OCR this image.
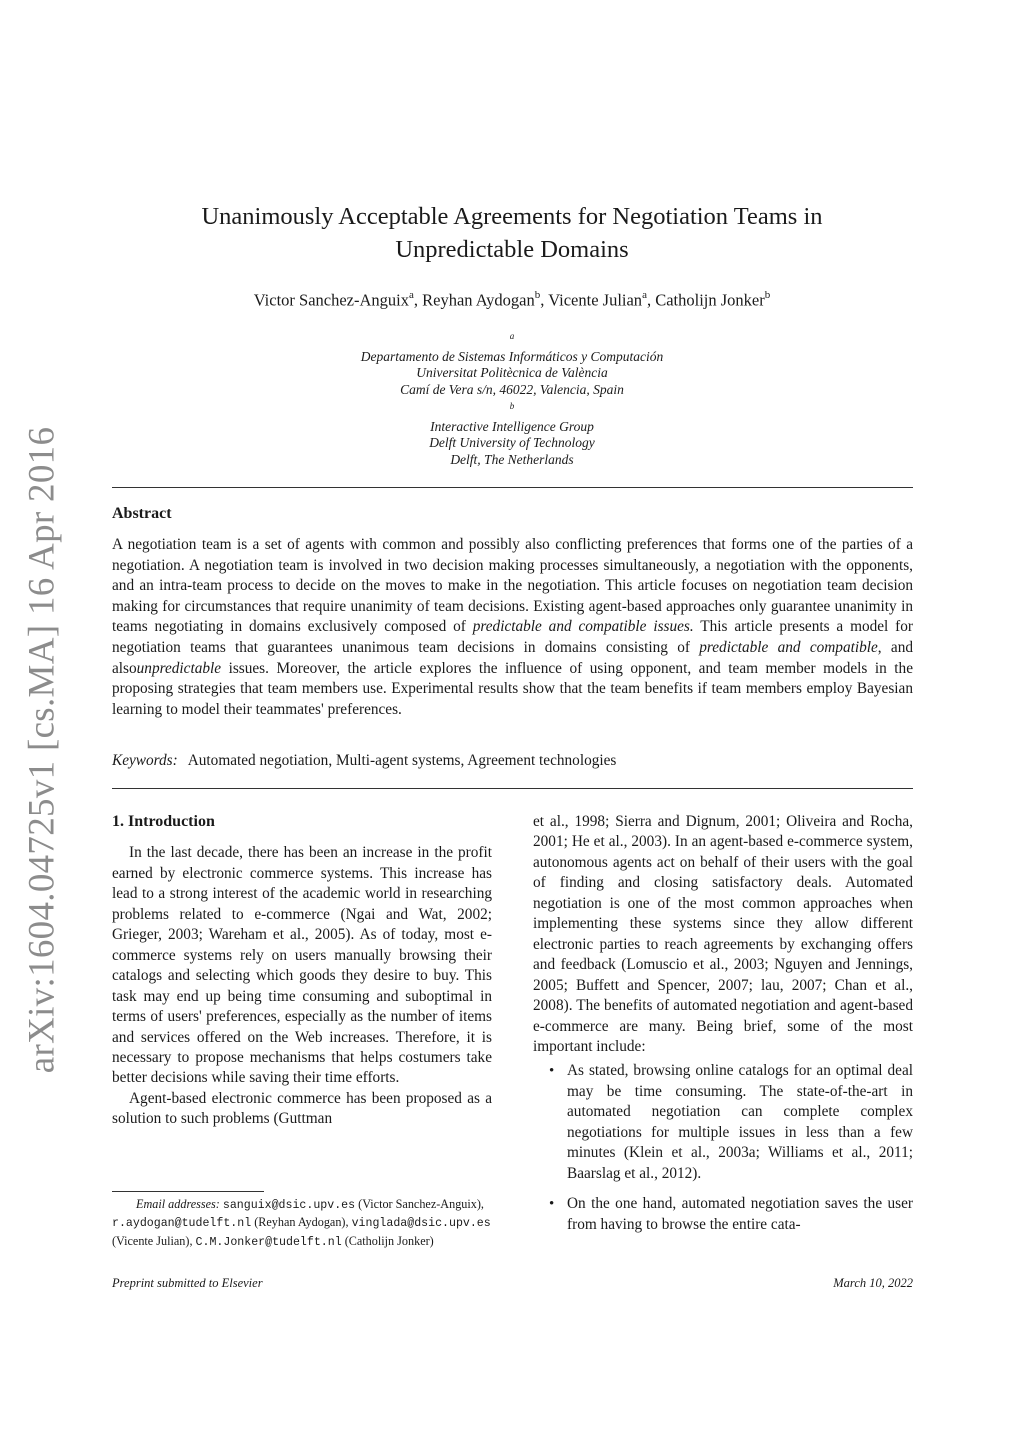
arXiv:1604.04725v1 [cs.MA] 16 Apr 2016
Unanimously Acceptable Agreements for Negotiation Teams in
Unpredictable Domains
Victor Sanchez-Anguix$^a$, Reyhan Aydogan$^b$, Vicente Julian$^a$, Catholijn Jonker$^b$
$^a$
Departamento de Sistemas Informáticos y Computación
Universitat Politècnica de València
Camí de Vera s/n, 46022, Valencia, Spain
$^b$
Interactive Intelligence Group
Delft University of Technology
Delft, The Netherlands
Abstract
A negotiation team is a set of agents with common and possibly also conflicting preferences that forms one of the parties of a negotiation. A negotiation team is involved in two decision making processes simultaneously, a negotiation with the opponents, and an intra-team process to decide on the moves to make in the negotiation. This article focuses on negotiation team decision making for circumstances that require unanimity of team decisions. Existing agent-based approaches only guarantee unanimity in teams negotiating in domains exclusively composed of predictable and compatible issues. This article presents a model for negotiation teams that guarantees unanimous team decisions in domains consisting of predictable and compatible, and alsounpredictable issues. Moreover, the article explores the influence of using opponent, and team member models in the proposing strategies that team members use. Experimental results show that the team benefits if team members employ Bayesian learning to model their teammates' preferences.
Keywords: Automated negotiation, Multi-agent systems, Agreement technologies
1. Introduction

In the last decade, there has been an increase in the profit earned by electronic commerce systems. This increase has lead to a strong interest of the academic world in researching problems related to e-commerce (Ngai and Wat, 2002; Grieger, 2003; Wareham et al., 2005). As of today, most e-commerce systems rely on users manually browsing their catalogs and selecting which goods they desire to buy. This task may end up being time consuming and suboptimal in terms of users' preferences, especially as the number of items and services offered on the Web increases. Therefore, it is necessary to propose mechanisms that helps costumers take better decisions while saving their time efforts.

Agent-based electronic commerce has been proposed as a solution to such problems (Guttman

et al., 1998; Sierra and Dignum, 2001; Oliveira and Rocha, 2001; He et al., 2003). In an agent-based e-commerce system, autonomous agents act on behalf of their users with the goal of finding and closing satisfactory deals. Automated negotiation is one of the most common approaches when implementing these systems since they allow different electronic parties to reach agreements by exchanging offers and feedback (Lomuscio et al., 2003; Nguyen and Jennings, 2005; Buffett and Spencer, 2007; lau, 2007; Chan et al., 2008). The benefits of automated negotiation and agent-based e-commerce are many. Being brief, some of the most important include:

• As stated, browsing online catalogs for an optimal deal may be time consuming. The state-of-the-art in automated negotiation can complete complex negotiations for multiple issues in less than a few minutes (Klein et al., 2003a; Williams et al., 2011; Baarslag et al., 2012).
• On the one hand, automated negotiation saves the user from having to browse the entire cata-
Email addresses: sanguix@dsic.upv.es (Victor Sanchez-Anguix), r.aydogan@tudelft.nl (Reyhan Aydogan), vinglada@dsic.upv.es (Vicente Julian), C.M.Jonker@tudelft.nl (Catholijn Jonker)
Preprint submitted to Elsevier	March 10, 2022
